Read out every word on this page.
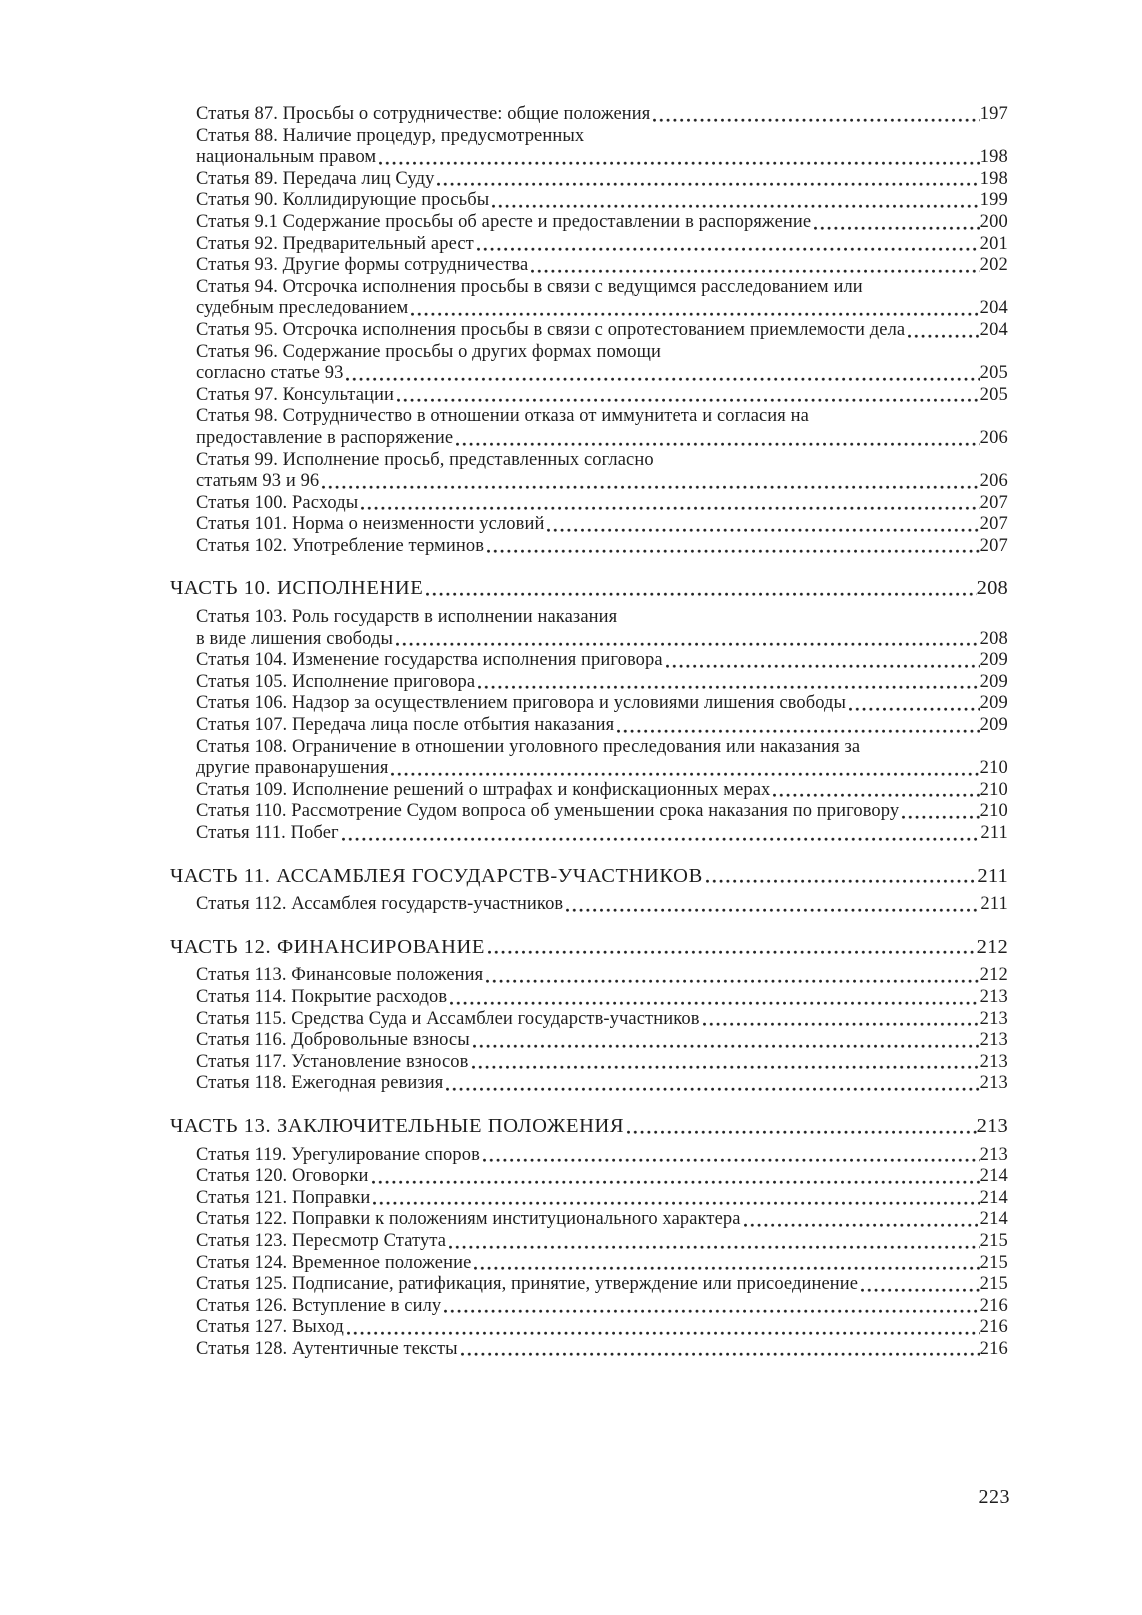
Статья 87. Просьбы о сотрудничестве: общие положения	197
Статья 88. Наличие процедур, предусмотренных
национальным правом	198
Статья 89. Передача лиц Суду	198
Статья 90. Коллидирующие просьбы	199
Статья 9.1 Содержание просьбы об аресте и предоставлении в распоряжение	200
Статья 92. Предварительный арест	201
Статья 93. Другие формы сотрудничества	202
Статья 94. Отсрочка исполнения просьбы в связи с ведущимся расследованием или
судебным преследованием	204
Статья 95. Отсрочка исполнения просьбы в связи с опротестованием приемлемости дела	204
Статья 96. Содержание просьбы о других формах помощи
согласно статье 93	205
Статья 97. Консультации	205
Статья 98. Сотрудничество в отношении отказа от иммунитета и согласия на
предоставление в распоряжение	206
Статья 99. Исполнение просьб, представленных согласно
статьям 93 и 96	206
Статья 100. Расходы	207
Статья 101. Норма о неизменности условий	207
Статья 102. Употребление терминов	207
ЧАСТЬ 10. ИСПОЛНЕНИЕ	208
Статья 103. Роль государств в исполнении наказания
в виде лишения свободы	208
Статья 104. Изменение государства исполнения приговора	209
Статья 105. Исполнение приговора	209
Статья 106. Надзор за осуществлением приговора и условиями лишения свободы	209
Статья 107. Передача лица после отбытия наказания	209
Статья 108. Ограничение в отношении уголовного преследования или наказания за
другие правонарушения	210
Статья 109. Исполнение решений о штрафах и конфискационных мерах	210
Статья 110. Рассмотрение Судом вопроса об уменьшении срока наказания по приговору	210
Статья 111. Побег	211
ЧАСТЬ 11. АССАМБЛЕЯ ГОСУДАРСТВ-УЧАСТНИКОВ	211
Статья 112. Ассамблея государств-участников	211
ЧАСТЬ 12. ФИНАНСИРОВАНИЕ	212
Статья 113. Финансовые положения	212
Статья 114. Покрытие расходов	213
Статья 115. Средства Суда и Ассамблеи государств-участников	213
Статья 116. Добровольные взносы	213
Статья 117. Установление взносов	213
Статья 118. Ежегодная ревизия	213
ЧАСТЬ 13. ЗАКЛЮЧИТЕЛЬНЫЕ ПОЛОЖЕНИЯ	213
Статья 119. Урегулирование споров	213
Статья 120. Оговорки	214
Статья 121. Поправки	214
Статья 122. Поправки к положениям институционального характера	214
Статья 123. Пересмотр Статута	215
Статья 124. Временное положение	215
Статья 125. Подписание, ратификация, принятие, утверждение или присоединение	215
Статья 126. Вступление в силу	216
Статья 127. Выход	216
Статья 128. Аутентичные тексты	216
223
